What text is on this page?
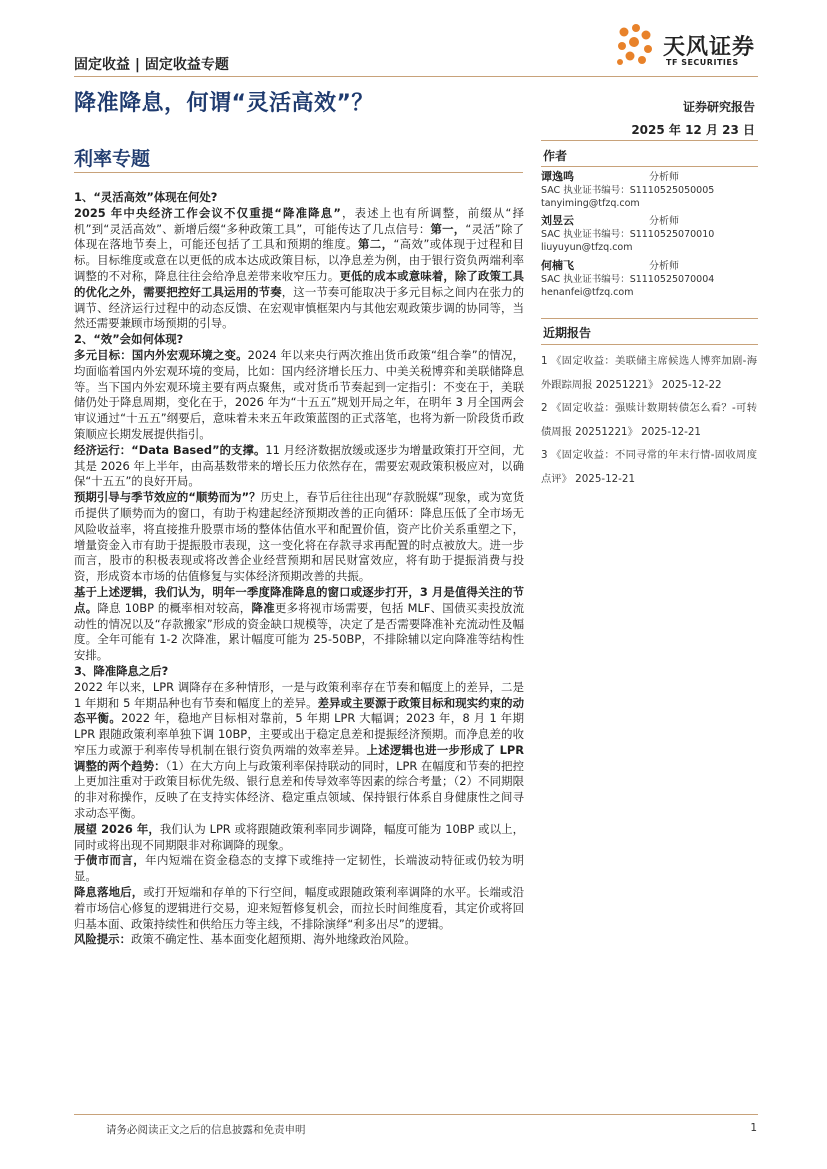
固定收益 | 固定收益专题
降准降息，何谓“灵活高效”？
天风证券
TF SECURITIES
证券研究报告
2025 年 12 月 23 日
利率专题	作者
谭逸鸣	分析师
SAC 执业证书编号：S1110525050005
tanyiming@tfzq.com
刘昱云	分析师
SAC 执业证书编号：S1110525070010
liuyuyun@tfzq.com
何楠飞	分析师
SAC 执业证书编号：S1110525070004
henanfei@tfzq.com
近期报告

1 《固定收益：美联储主席候选人博弈加剧-海外跟踪周报 20251221》 2025-12-22

2 《固定收益：强赎计数期转债怎么看？-可转债周报 20251221》 2025-12-21

3 《固定收益：不同寻常的年末行情-固收周度点评》 2025-12-21

1、“灵活高效”体现在何处?

2025 年中央经济工作会议不仅重提“降准降息”，表述上也有所调整，前缀从“择机”到“灵活高效”、新增后缀“多种政策工具”，可能传达了几点信号：第一，“灵活”除了体现在落地节奏上，可能还包括了工具和预期的维度。第二，“高效”或体现于过程和目标。目标维度或意在以更低的成本达成政策目标，以净息差为例，由于银行资负两端利率调整的不对称，降息往往会给净息差带来收窄压力。更低的成本或意味着，除了政策工具的优化之外，需要把控好工具运用的节奏，这一节奏可能取决于多元目标之间内在张力的调节、经济运行过程中的动态反馈、在宏观审慎框架内与其他宏观政策步调的协同等，当然还需要兼顾市场预期的引导。

2、“效”会如何体现?

多元目标：国内外宏观环境之变。2024 年以来央行两次推出货币政策“组合拳”的情况，均面临着国内外宏观环境的变局，比如：国内经济增长压力、中美关税博弈和美联储降息等。当下国内外宏观环境主要有两点聚焦，或对货币节奏起到一定指引：不变在于，美联储仍处于降息周期，变化在于，2026 年为“十五五”规划开局之年，在明年 3 月全国两会审议通过“十五五”纲要后，意味着未来五年政策蓝图的正式落笔，也将为新一阶段货币政策顺应长期发展提供指引。

经济运行：“Data Based”的支撑。11 月经济数据放缓或逐步为增量政策打开空间，尤其是 2026 年上半年，由高基数带来的增长压力依然存在，需要宏观政策积极应对，以确保“十五五”的良好开局。

预期引导与季节效应的“顺势而为”？历史上，春节后往往出现“存款脱媒”现象，或为宽货币提供了顺势而为的窗口，有助于构建起经济预期改善的正向循环：降息压低了全市场无风险收益率，将直接推升股票市场的整体估值水平和配置价值，资产比价关系重塑之下，增量资金入市有助于提振股市表现，这一变化将在存款寻求再配置的时点被放大。进一步而言，股市的积极表现或将改善企业经营预期和居民财富效应，将有助于提振消费与投资，形成资本市场的估值修复与实体经济预期改善的共振。

基于上述逻辑，我们认为，明年一季度降准降息的窗口或逐步打开，3 月是值得关注的节点。降息 10BP 的概率相对较高，降准更多将视市场需要，包括 MLF、国债买卖投放流动性的情况以及“存款搬家”形成的资金缺口规模等，决定了是否需要降准补充流动性及幅度。全年可能有 1-2 次降准，累计幅度可能为 25-50BP，不排除辅以定向降准等结构性安排。

3、降准降息之后?

2022 年以来，LPR 调降存在多种情形，一是与政策利率存在节奏和幅度上的差异，二是 1 年期和 5 年期品种也有节奏和幅度上的差异。差异或主要源于政策目标和现实约束的动态平衡。2022 年，稳地产目标相对靠前，5 年期 LPR 大幅调；2023 年，8 月 1 年期 LPR 跟随政策利率单独下调 10BP，主要或出于稳定息差和提振经济预期。而净息差的收窄压力或源于利率传导机制在银行资负两端的效率差异。上述逻辑也进一步形成了 LPR 调整的两个趋势：（1）在大方向上与政策利率保持联动的同时，LPR 在幅度和节奏的把控上更加注重对于政策目标优先级、银行息差和传导效率等因素的综合考量；（2）不同期限的非对称操作，反映了在支持实体经济、稳定重点领域、保持银行体系自身健康性之间寻求动态平衡。

展望 2026 年，我们认为 LPR 或将跟随政策利率同步调降，幅度可能为 10BP 或以上，同时或将出现不同期限非对称调降的现象。

于债市而言，年内短端在资金稳态的支撑下或维持一定韧性，长端波动特征或仍较为明显。

降息落地后，或打开短端和存单的下行空间，幅度或跟随政策利率调降的水平。长端或沿着市场信心修复的逻辑进行交易，迎来短暂修复机会，而拉长时间维度看，其定价或将回归基本面、政策持续性和供给压力等主线，不排除演绎“利多出尽”的逻辑。

风险提示：政策不确定性、基本面变化超预期、海外地缘政治风险。

请务必阅读正文之后的信息披露和免责申明	1
